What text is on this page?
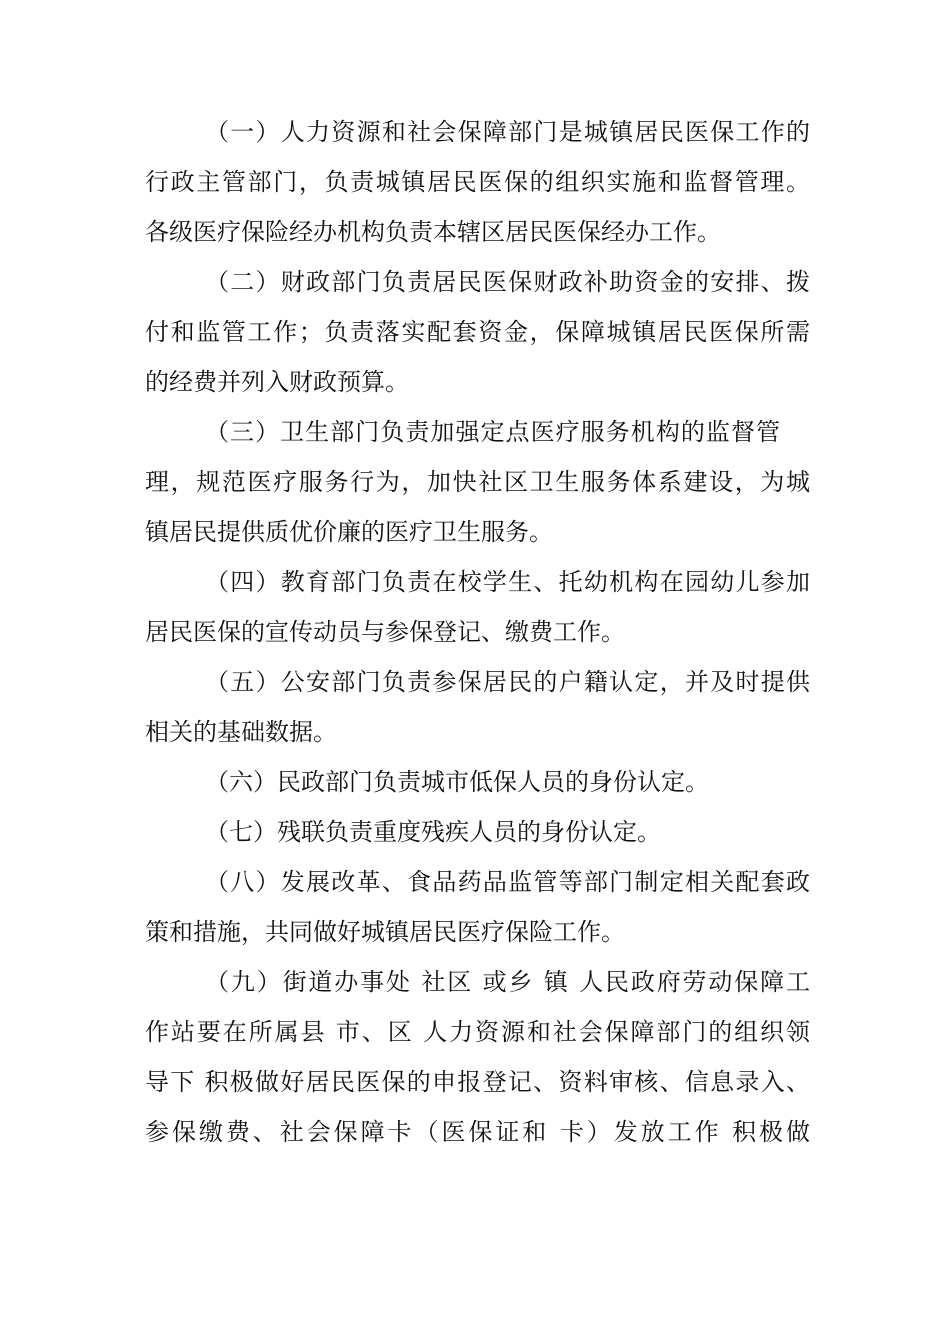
（一）人力资源和社会保障部门是城镇居民医保工作的
行政主管部门，负责城镇居民医保的组织实施和监督管理。
各级医疗保险经办机构负责本辖区居民医保经办工作。
（二）财政部门负责居民医保财政补助资金的安排、拨
付和监管工作；负责落实配套资金，保障城镇居民医保所需
的经费并列入财政预算。
（三）卫生部门负责加强定点医疗服务机构的监督管
理，规范医疗服务行为，加快社区卫生服务体系建设，为城
镇居民提供质优价廉的医疗卫生服务。
（四）教育部门负责在校学生、托幼机构在园幼儿参加
居民医保的宣传动员与参保登记、缴费工作。
（五）公安部门负责参保居民的户籍认定，并及时提供
相关的基础数据。
（六）民政部门负责城市低保人员的身份认定。
（七）残联负责重度残疾人员的身份认定。
（八）发展改革、食品药品监管等部门制定相关配套政
策和措施，共同做好城镇居民医疗保险工作。
（九）街道办事处 社区 或乡 镇 人民政府劳动保障工
作站要在所属县 市、区 人力资源和社会保障部门的组织领
导下 积极做好居民医保的申报登记、资料审核、信息录入、
参保缴费、社会保障卡（医保证和 卡）发放工作 积极做
